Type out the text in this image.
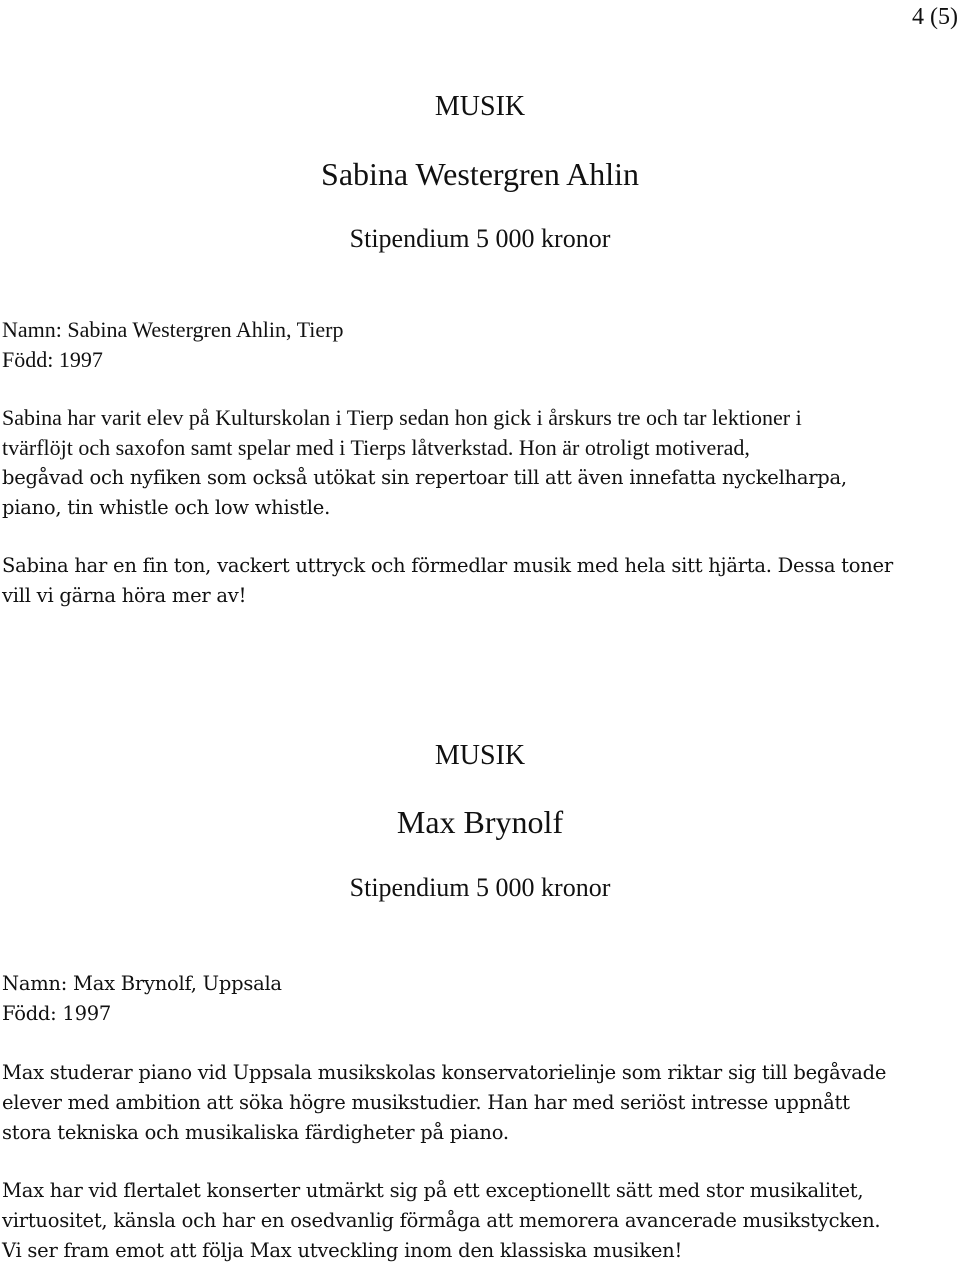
4 (5)
MUSIK
Sabina Westergren Ahlin
Stipendium 5 000 kronor
Namn: Sabina Westergren Ahlin, Tierp
Född: 1997
Sabina har varit elev på Kulturskolan i Tierp sedan hon gick i årskurs tre och tar lektioner i
tvärflöjt och saxofon samt spelar med i Tierps låtverkstad. Hon är otroligt motiverad,
begåvad och nyfiken som också utökat sin repertoar till att även innefatta nyckelharpa,
piano, tin whistle och low whistle.
Sabina har en fin ton, vackert uttryck och förmedlar musik med hela sitt hjärta. Dessa toner
vill vi gärna höra mer av!
MUSIK
Max Brynolf
Stipendium 5 000 kronor
Namn: Max Brynolf, Uppsala
Född: 1997
Max studerar piano vid Uppsala musikskolas konservatorielinje som riktar sig till begåvade
elever med ambition att söka högre musikstudier. Han har med seriöst intresse uppnått
stora tekniska och musikaliska färdigheter på piano.
Max har vid flertalet konserter utmärkt sig på ett exceptionellt sätt med stor musikalitet,
virtuositet, känsla och har en osedvanlig förmåga att memorera avancerade musikstycken.
Vi ser fram emot att följa Max utveckling inom den klassiska musiken!
